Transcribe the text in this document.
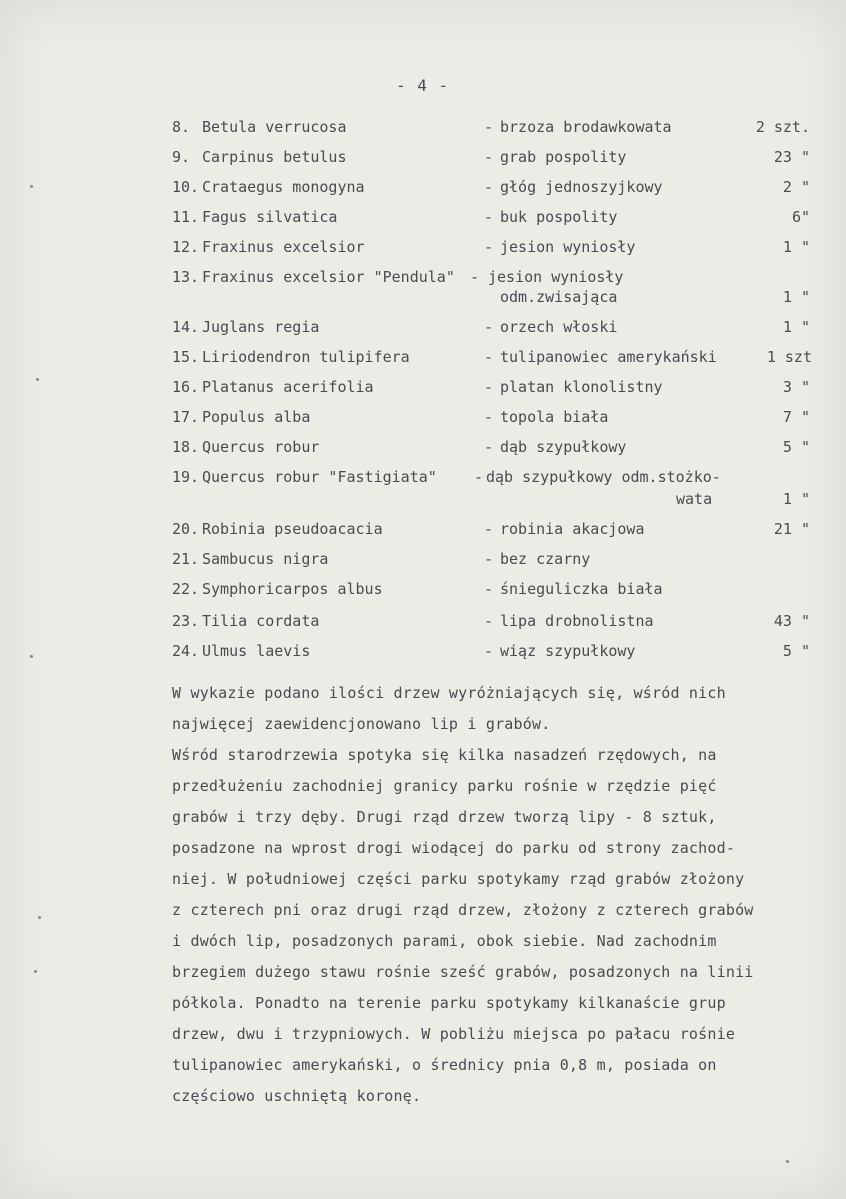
- 4 -
8. Betula verrucosa	- brzoza brodawkowata	2 szt.
9. Carpinus betulus	- grab pospolity	23 "
10. Crataegus monogyna	- głóg jednoszyjkowy	2 "
11. Fagus silvatica	- buk pospolity	6"
12. Fraxinus excelsior	- jesion wyniosły	1 "
13. Fraxinus excelsior "Pendula" - jesion wyniosły
odm.zwisająca	1 "
14. Juglans regia	- orzech włoski	1 "
15. Liriodendron tulipifera	- tulipanowiec amerykański	1 szt
16. Platanus acerifolia	- platan klonolistny	3 "
17. Populus alba	- topola biała	7 "
18. Quercus robur	- dąb szypułkowy	5 "
19. Quercus robur "Fastigiata" - dąb szypułkowy odm.stożko-
wata	1 "
20. Robinia pseudoacacia	- robinia akacjowa	21 "
21. Sambucus nigra	- bez czarny
22. Symphoricarpos albus	- śnieguliczka biała
23. Tilia cordata	- lipa drobnolistna	43 "
24. Ulmus laevis	- wiąz szypułkowy	5 "

W wykazie podano ilości drzew wyróżniających się, wśród nich

najwięcej zaewidencjonowano lip i grabów.

Wśród starodrzewia spotyka się kilka nasadzeń rzędowych, na

przedłużeniu zachodniej granicy parku rośnie w rzędzie pięć

grabów i trzy dęby. Drugi rząd drzew tworzą lipy - 8 sztuk,

posadzone na wprost drogi wiodącej do parku od strony zachod-

niej. W południowej części parku spotykamy rząd grabów złożony

z czterech pni oraz drugi rząd drzew, złożony z czterech grabów

i dwóch lip, posadzonych parami, obok siebie. Nad zachodnim

brzegiem dużego stawu rośnie sześć grabów, posadzonych na linii

półkola. Ponadto na terenie parku spotykamy kilkanaście grup

drzew, dwu i trzypniowych. W pobliżu miejsca po pałacu rośnie

tulipanowiec amerykański, o średnicy pnia 0,8 m, posiada on

częściowo uschniętą koronę.
